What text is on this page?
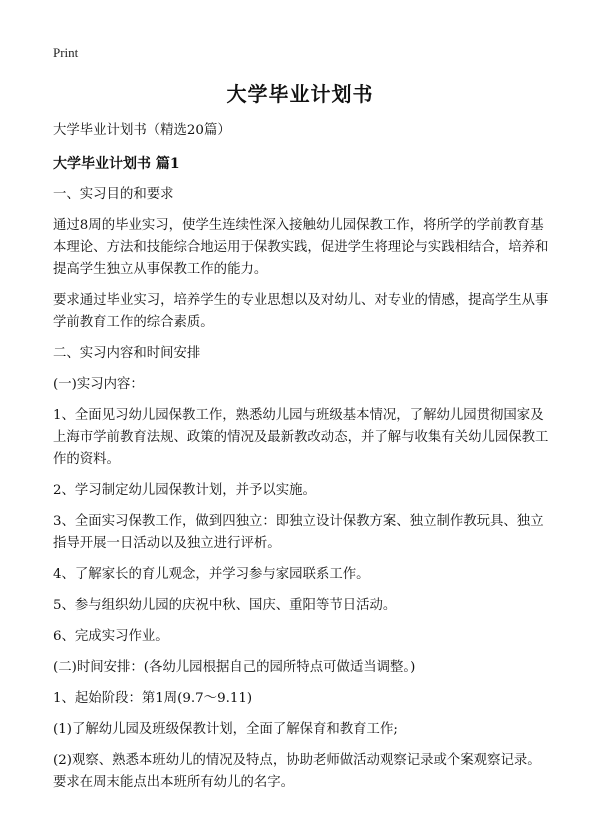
Print
大学毕业计划书

大学毕业计划书（精选20篇）

大学毕业计划书 篇1

一、实习目的和要求

通过8周的毕业实习，使学生连续性深入接触幼儿园保教工作，将所学的学前教育基本理论、方法和技能综合地运用于保教实践，促进学生将理论与实践相结合，培养和提高学生独立从事保教工作的能力。

要求通过毕业实习，培养学生的专业思想以及对幼儿、对专业的情感，提高学生从事学前教育工作的综合素质。

二、实习内容和时间安排

(一)实习内容：

1、全面见习幼儿园保教工作，熟悉幼儿园与班级基本情况，了解幼儿园贯彻国家及上海市学前教育法规、政策的情况及最新教改动态，并了解与收集有关幼儿园保教工作的资料。

2、学习制定幼儿园保教计划，并予以实施。

3、全面实习保教工作，做到四独立：即独立设计保教方案、独立制作教玩具、独立指导开展一日活动以及独立进行评析。

4、了解家长的育儿观念，并学习参与家园联系工作。

5、参与组织幼儿园的庆祝中秋、国庆、重阳等节日活动。

6、完成实习作业。

(二)时间安排：(各幼儿园根据自己的园所特点可做适当调整。)

1、起始阶段：第1周(9.7～9.11)

(1)了解幼儿园及班级保教计划，全面了解保育和教育工作;

(2)观察、熟悉本班幼儿的情况及特点，协助老师做活动观察记录或个案观察记录。要求在周末能点出本班所有幼儿的名字。
